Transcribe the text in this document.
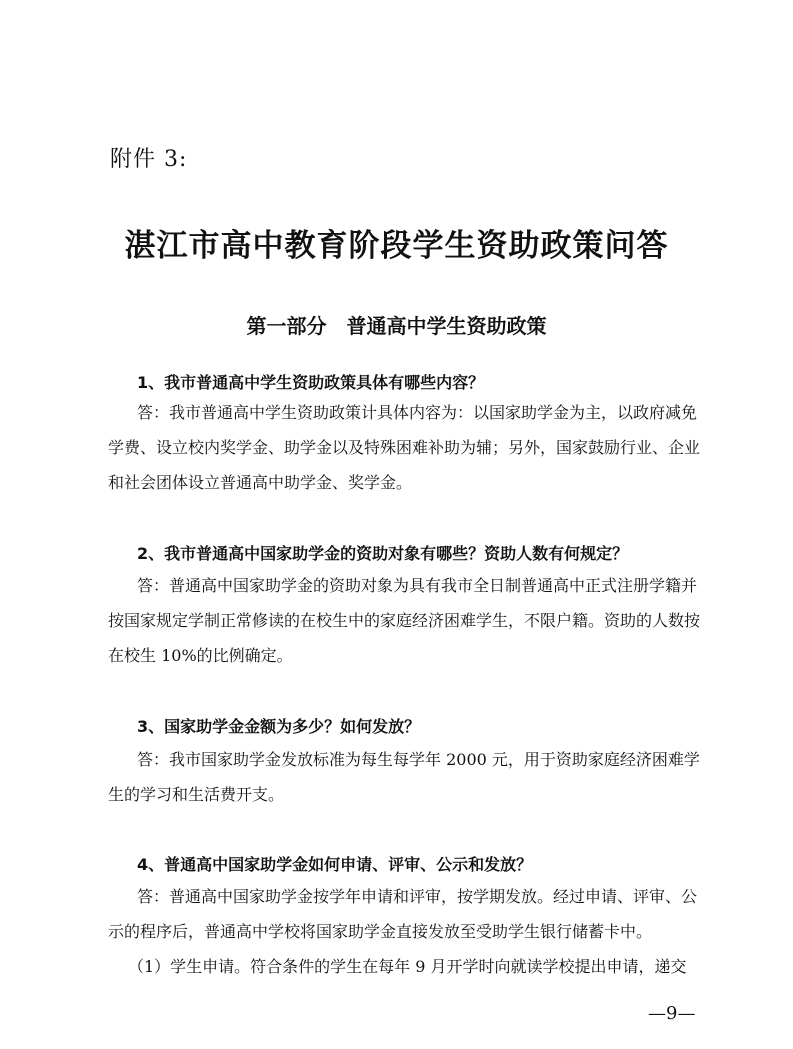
附件 3:
湛江市高中教育阶段学生资助政策问答
第一部分　普通高中学生资助政策
1、我市普通高中学生资助政策具体有哪些内容？
答：我市普通高中学生资助政策计具体内容为：以国家助学金为主，以政府减免
学费、设立校内奖学金、助学金以及特殊困难补助为辅；另外，国家鼓励行业、企业
和社会团体设立普通高中助学金、奖学金。
2、我市普通高中国家助学金的资助对象有哪些？资助人数有何规定？
答：普通高中国家助学金的资助对象为具有我市全日制普通高中正式注册学籍并
按国家规定学制正常修读的在校生中的家庭经济困难学生，不限户籍。资助的人数按
在校生 10%的比例确定。
3、国家助学金金额为多少？如何发放？
答：我市国家助学金发放标准为每生每学年 2000 元，用于资助家庭经济困难学
生的学习和生活费开支。
4、普通高中国家助学金如何申请、评审、公示和发放？
答：普通高中国家助学金按学年申请和评审，按学期发放。经过申请、评审、公
示的程序后，普通高中学校将国家助学金直接发放至受助学生银行储蓄卡中。
（1）学生申请。符合条件的学生在每年 9 月开学时向就读学校提出申请，递交
—9—
